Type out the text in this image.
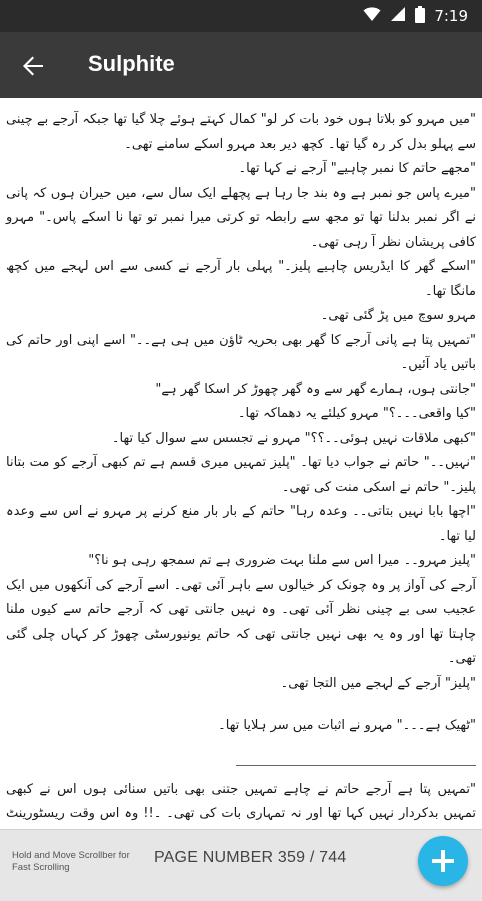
7:19
Sulphite

"میں مہرو کو بلاتا ہوں خود بات کر لو" کمال کہتے ہوئے چلا گیا تھا جبکہ آرجے بے چینی سے پہلو بدل کر رہ گیا تھا۔ کچھ دیر بعد مہرو اسکے سامنے تھی۔

"مجھے حاتم کا نمبر چاہیے" آرجے نے کہا تھا۔

"میرے پاس جو نمبر ہے وہ بند جا رہا ہے پچھلے ایک سال سے، میں حیران ہوں کہ پانی نے اگر نمبر بدلنا تھا تو مجھ سے رابطہ تو کرتی میرا نمبر تو تھا نا اسکے پاس۔" مہرو کافی پریشان نظر آ رہی تھی۔

"اسکے گھر کا ایڈریس چاہیے پلیز۔" پہلی بار آرجے نے کسی سے اس لہجے میں کچھ مانگا تھا۔

مہرو سوچ میں پڑ گئی تھی۔

"تمہیں پتا ہے پانی آرجے کا گھر بھی بحریہ ٹاؤن میں ہی ہے۔۔" اسے اپنی اور حاتم کی باتیں یاد آئیں۔

"جانتی ہوں، ہمارے گھر سے وہ گھر چھوڑ کر اسکا گھر ہے"

"کیا واقعی۔۔۔؟" مہرو کیلئے یہ دھماکہ تھا۔

"کبھی ملاقات نہیں ہوئی۔۔؟؟" مہرو نے تجسس سے سوال کیا تھا۔

"نہیں۔۔" حاتم نے جواب دیا تھا۔ "پلیز تمہیں میری قسم ہے تم کبھی آرجے کو مت بتانا پلیز۔" حاتم نے اسکی منت کی تھی۔

"اچھا بابا نہیں بتاتی۔۔ وعدہ رہا" حاتم کے بار بار منع کرنے پر مہرو نے اس سے وعدہ لیا تھا۔

"پلیز مہرو۔۔ میرا اس سے ملنا بہت ضروری ہے تم سمجھ رہی ہو نا؟"

آرجے کی آواز پر وہ چونک کر خیالوں سے باہر آئی تھی۔ اسے آرجے کی آنکھوں میں ایک عجیب سی بے چینی نظر آئی تھی۔ وہ نہیں جانتی تھی کہ آرجے حاتم سے کیوں ملنا چاہتا تھا اور وہ یہ بھی نہیں جانتی تھی کہ حاتم یونیورسٹی چھوڑ کر کہاں چلی گئی تھی۔

"پلیز" آرجے کے لہجے میں التجا تھی۔

"ٹھیک ہے۔۔۔" مہرو نے اثبات میں سر ہلایا تھا۔

"تمہیں پتا ہے آرجے حاتم نے چاہے تمہیں جتنی بھی باتیں سنائی ہوں اس نے کبھی تمہیں بدکردار نہیں کہا تھا اور نہ تمہاری بات کی تھی۔ ۔!! وہ اس وقت ریسٹورینٹ

Hold and Move Scrollber for Fast Scrolling
PAGE NUMBER 359 / 744
